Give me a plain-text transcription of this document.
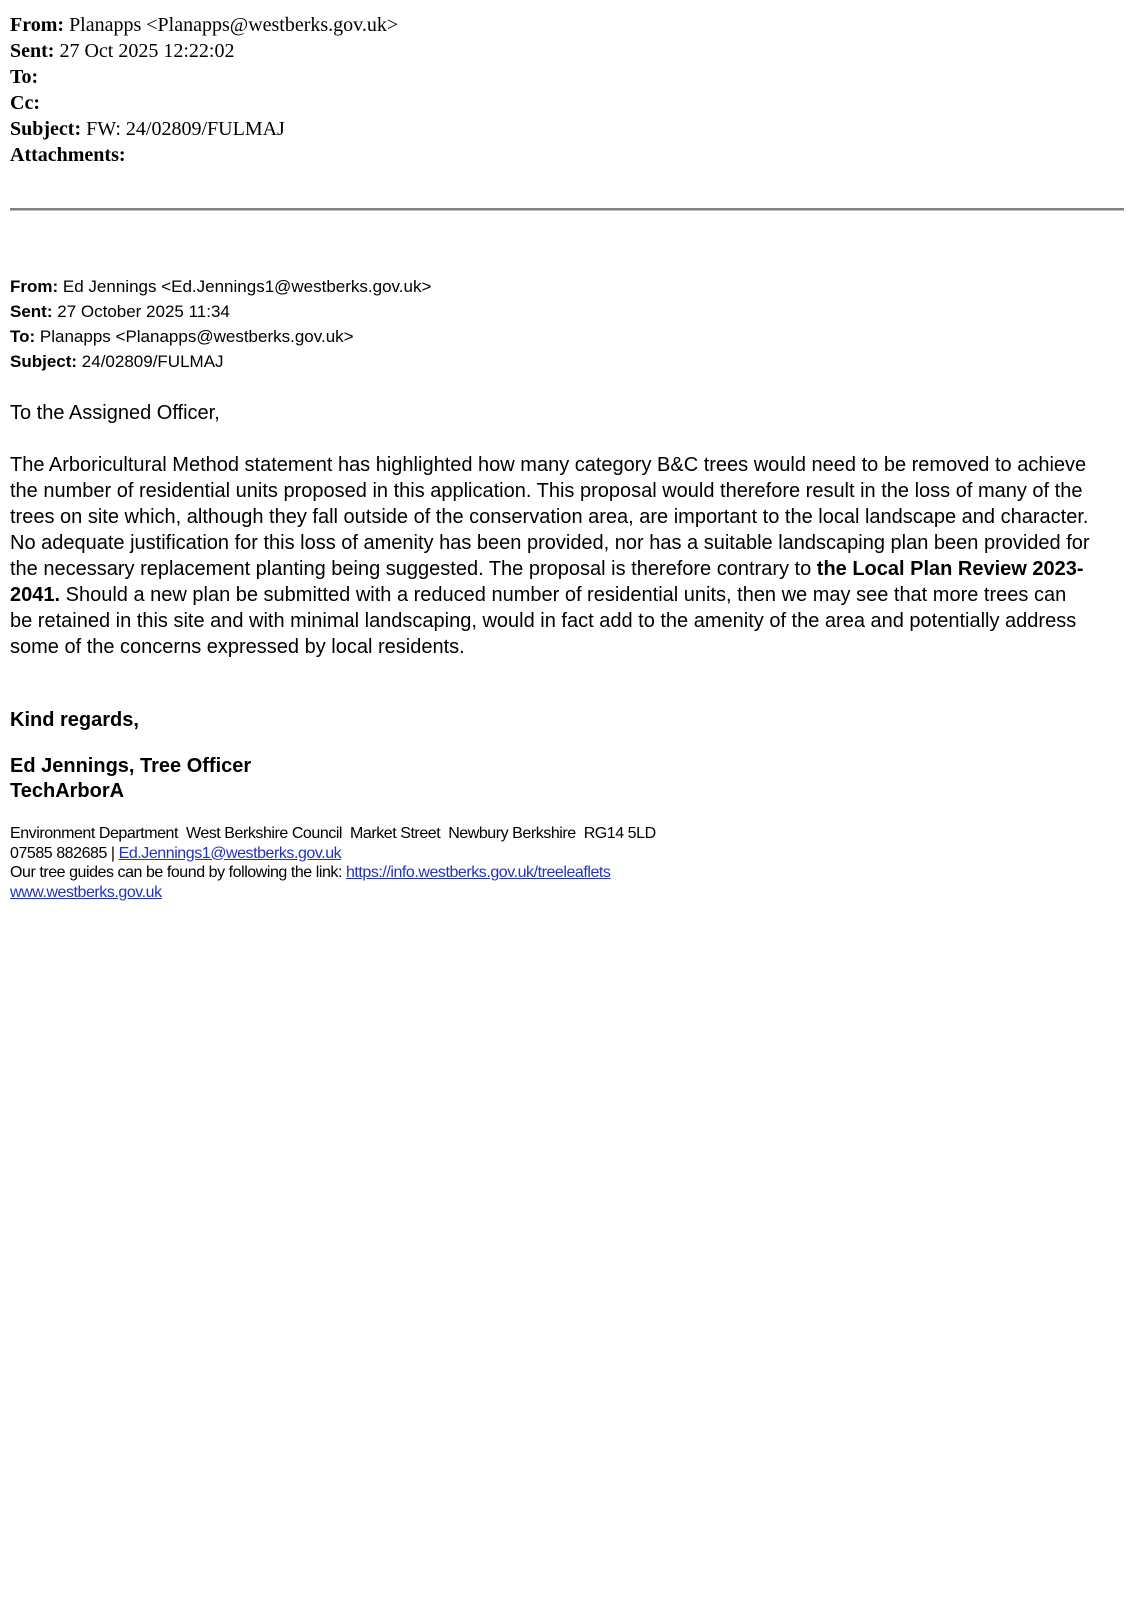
From: Planapps <Planapps@westberks.gov.uk>
Sent: 27 Oct 2025 12:22:02
To:
Cc:
Subject: FW: 24/02809/FULMAJ
Attachments:
From: Ed Jennings <Ed.Jennings1@westberks.gov.uk>
Sent: 27 October 2025 11:34
To: Planapps <Planapps@westberks.gov.uk>
Subject: 24/02809/FULMAJ
To the Assigned Officer,

The Arboricultural Method statement has highlighted how many category B&C trees would need to be removed to achieve the number of residential units proposed in this application. This proposal would therefore result in the loss of many of the trees on site which, although they fall outside of the conservation area, are important to the local landscape and character. No adequate justification for this loss of amenity has been provided, nor has a suitable landscaping plan been provided for the necessary replacement planting being suggested. The proposal is therefore contrary to the Local Plan Review 2023-2041. Should a new plan be submitted with a reduced number of residential units, then we may see that more trees can be retained in this site and with minimal landscaping, would in fact add to the amenity of the area and potentially address some of the concerns expressed by local residents.

Kind regards,
Ed Jennings, Tree Officer
TechArborA
Environment Department  West Berkshire Council  Market Street  Newbury Berkshire  RG14 5LD
07585 882685 | Ed.Jennings1@westberks.gov.uk
Our tree guides can be found by following the link: https://info.westberks.gov.uk/treeleaflets
www.westberks.gov.uk
